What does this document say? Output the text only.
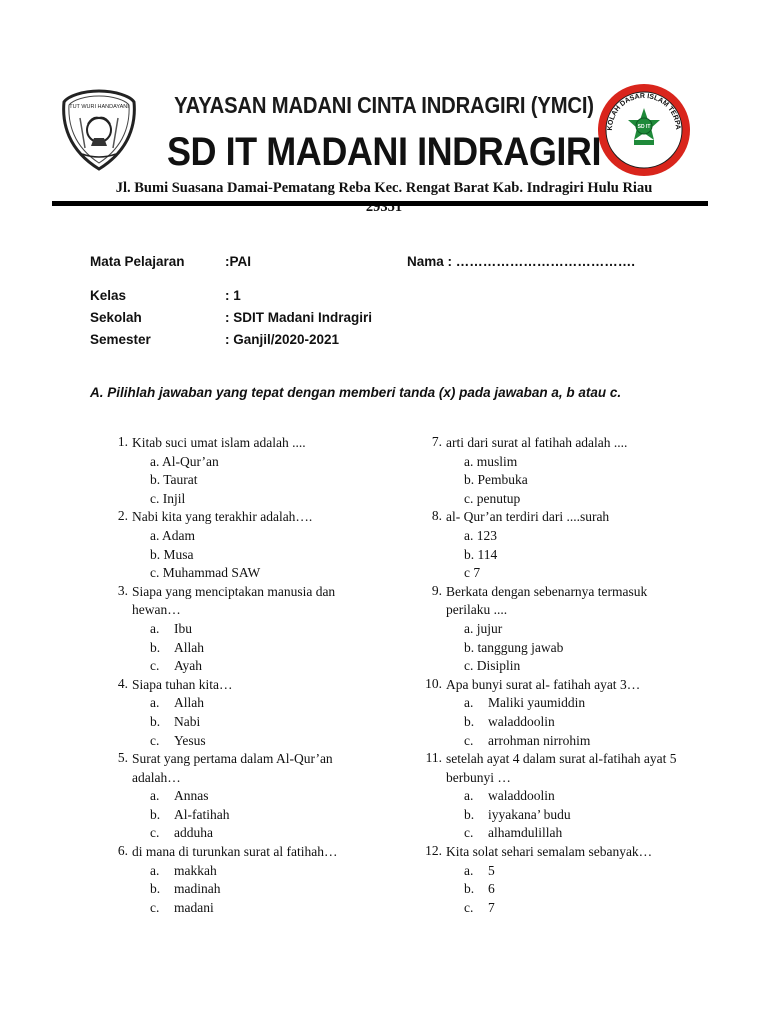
TUT WURI HANDAYANI
KOLAH DASAR ISLAM TERPA
MADANI INDRAGIRI
SD IT
YAYASAN MADANI CINTA INDRAGIRI (YMCI)
SD IT MADANI INDRAGIRI
Jl. Bumi Suasana Damai-Pematang Reba Kec. Rengat Barat Kab. Indragiri Hulu Riau
Mata Pelajaran	:PAI	Nama : ………………………………….
Kelas	: 1
Sekolah	: SDIT Madani Indragiri
Semester	: Ganjil/2020-2021
A. Pilihlah jawaban yang tepat dengan memberi tanda (x) pada jawaban a, b atau c.
1. Kitab suci umat islam adalah ....
a. Al-Qur’an
b. Taurat
c. Injil
2. Nabi kita yang terakhir adalah….
a. Adam
b. Musa
c. Muhammad SAW
3. Siapa yang menciptakan manusia dan hewan…
a. Ibu
b. Allah
c. Ayah
4. Siapa tuhan kita…
a. Allah
b. Nabi
c. Yesus
5. Surat yang pertama dalam Al-Qur’an adalah…
a. Annas
b. Al-fatihah
c. adduha
6. di mana di turunkan surat al fatihah…
a. makkah
b. madinah
c. madani
7. arti dari surat al fatihah adalah ....
a. muslim
b. Pembuka
c. penutup
8. al- Qur’an terdiri dari ....surah
a. 123
b. 114
c 7
9. Berkata dengan sebenarnya termasuk perilaku ....
a. jujur
b. tanggung jawab
c. Disiplin
10. Apa bunyi surat al- fatihah ayat 3…
a. Maliki yaumiddin
b. waladdoolin
c. arrohman nirrohim
11. setelah ayat 4 dalam surat al-fatihah ayat 5 berbunyi …
a. waladdoolin
b. iyyakana’ budu
c. alhamdulillah
12. Kita solat sehari semalam sebanyak…
a. 5
b. 6
c. 7
